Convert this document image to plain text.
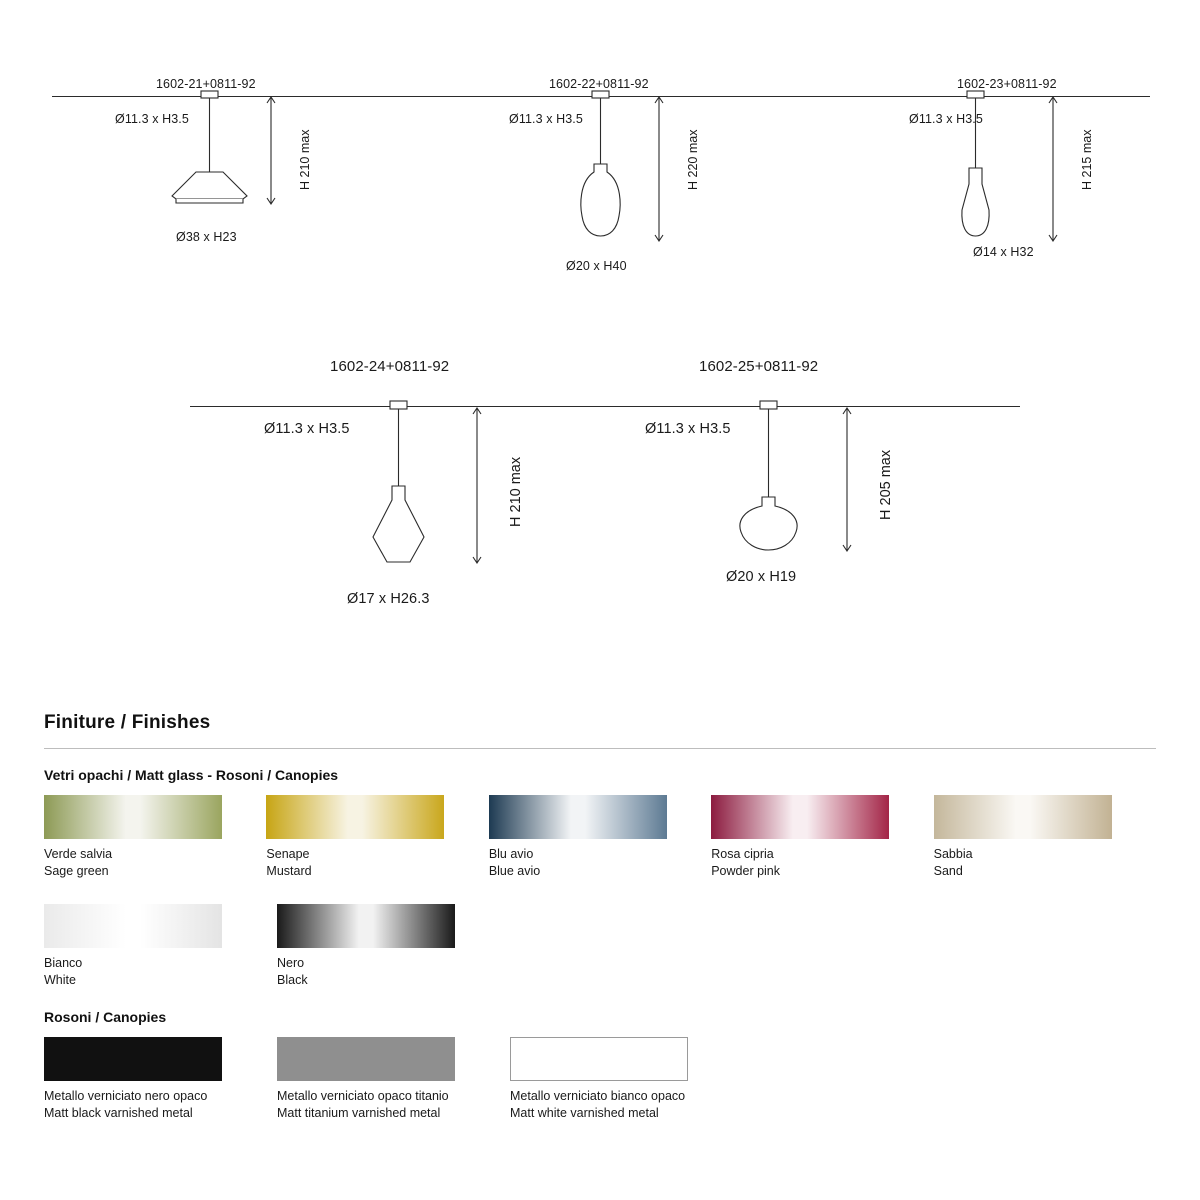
1602-21+0811-92
Ø11.3 x H3.5
Ø38 x H23
H 210 max
1602-22+0811-92
Ø11.3 x H3.5
Ø20 x H40
H 220 max
1602-23+0811-92
Ø11.3 x H3.5
Ø14 x H32
H 215 max
1602-24+0811-92
Ø11.3 x H3.5
Ø17 x H26.3
H 210 max
1602-25+0811-92
Ø11.3 x H3.5
Ø20 x H19
H 205 max
Finiture / Finishes
Vetri opachi / Matt glass - Rosoni / Canopies
Verde salvia
Sage green
Senape
Mustard
Blu avio
Blue avio
Rosa cipria
Powder pink
Sabbia
Sand
Bianco
White
Nero
Black
Rosoni / Canopies
Metallo verniciato nero opaco
Matt black varnished metal
Metallo verniciato opaco titanio
Matt titanium varnished metal
Metallo verniciato bianco opaco
Matt white varnished metal
